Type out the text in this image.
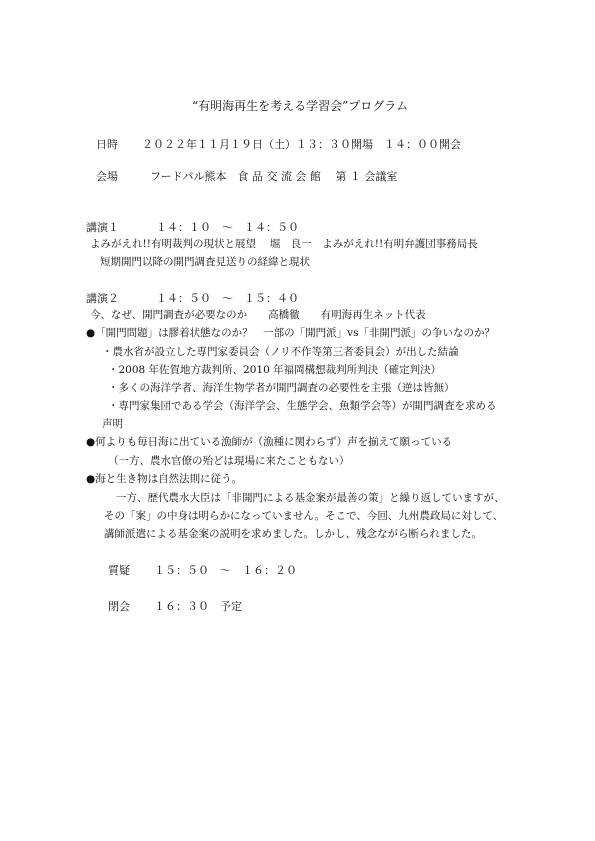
“有明海再生を考える学習会”プログラム
日時 ２０２２年１１月１９日（土）１３：３０開場　１４：００開会
会場	フードパル熊本　食 品 交 流 会 館　 第 １ 会議室
講演１	１４：１０　～　１４：５０
よみがえれ!!有明裁判の現状と展望　 堀　良一　よみがえれ!!有明弁護団事務局長
短期開門以降の開門調査見送りの経緯と現状
講演２	１４：５０　～　１５：４０
今、なぜ、開門調査が必要なのか　　高橋徹　　有明海再生ネット代表
●「開門問題」は膠着状態なのか？　一部の「開門派」vs「非開門派」の争いなのか？
・農水省が設立した専門家委員会（ノリ不作等第三者委員会）が出した結論
・2008 年佐賀地方裁判所、2010 年福岡構想裁判所判決（確定判決）
・多くの海洋学者、海洋生物学者が開門調査の必要性を主張（逆は皆無）
・専門家集団である学会（海洋学会、生態学会、魚類学会等）が開門調査を求める
声明
●何よりも毎日海に出ている漁師が（漁種に関わらず）声を揃えて願っている
（一方、農水官僚の殆どは現場に来たこともない）
●海と生き物は自然法則に従う。
一方、歴代農水大臣は「非開門による基金案が最善の策」と繰り返していますが、
その「案」の中身は明らかになっていません。そこで、今回、九州農政局に対して、
講師派遣による基金案の説明を求めました。しかし、残念ながら断られました。
質疑 １５：５０　～　１６：２０
閉会 １６：３０　予定
